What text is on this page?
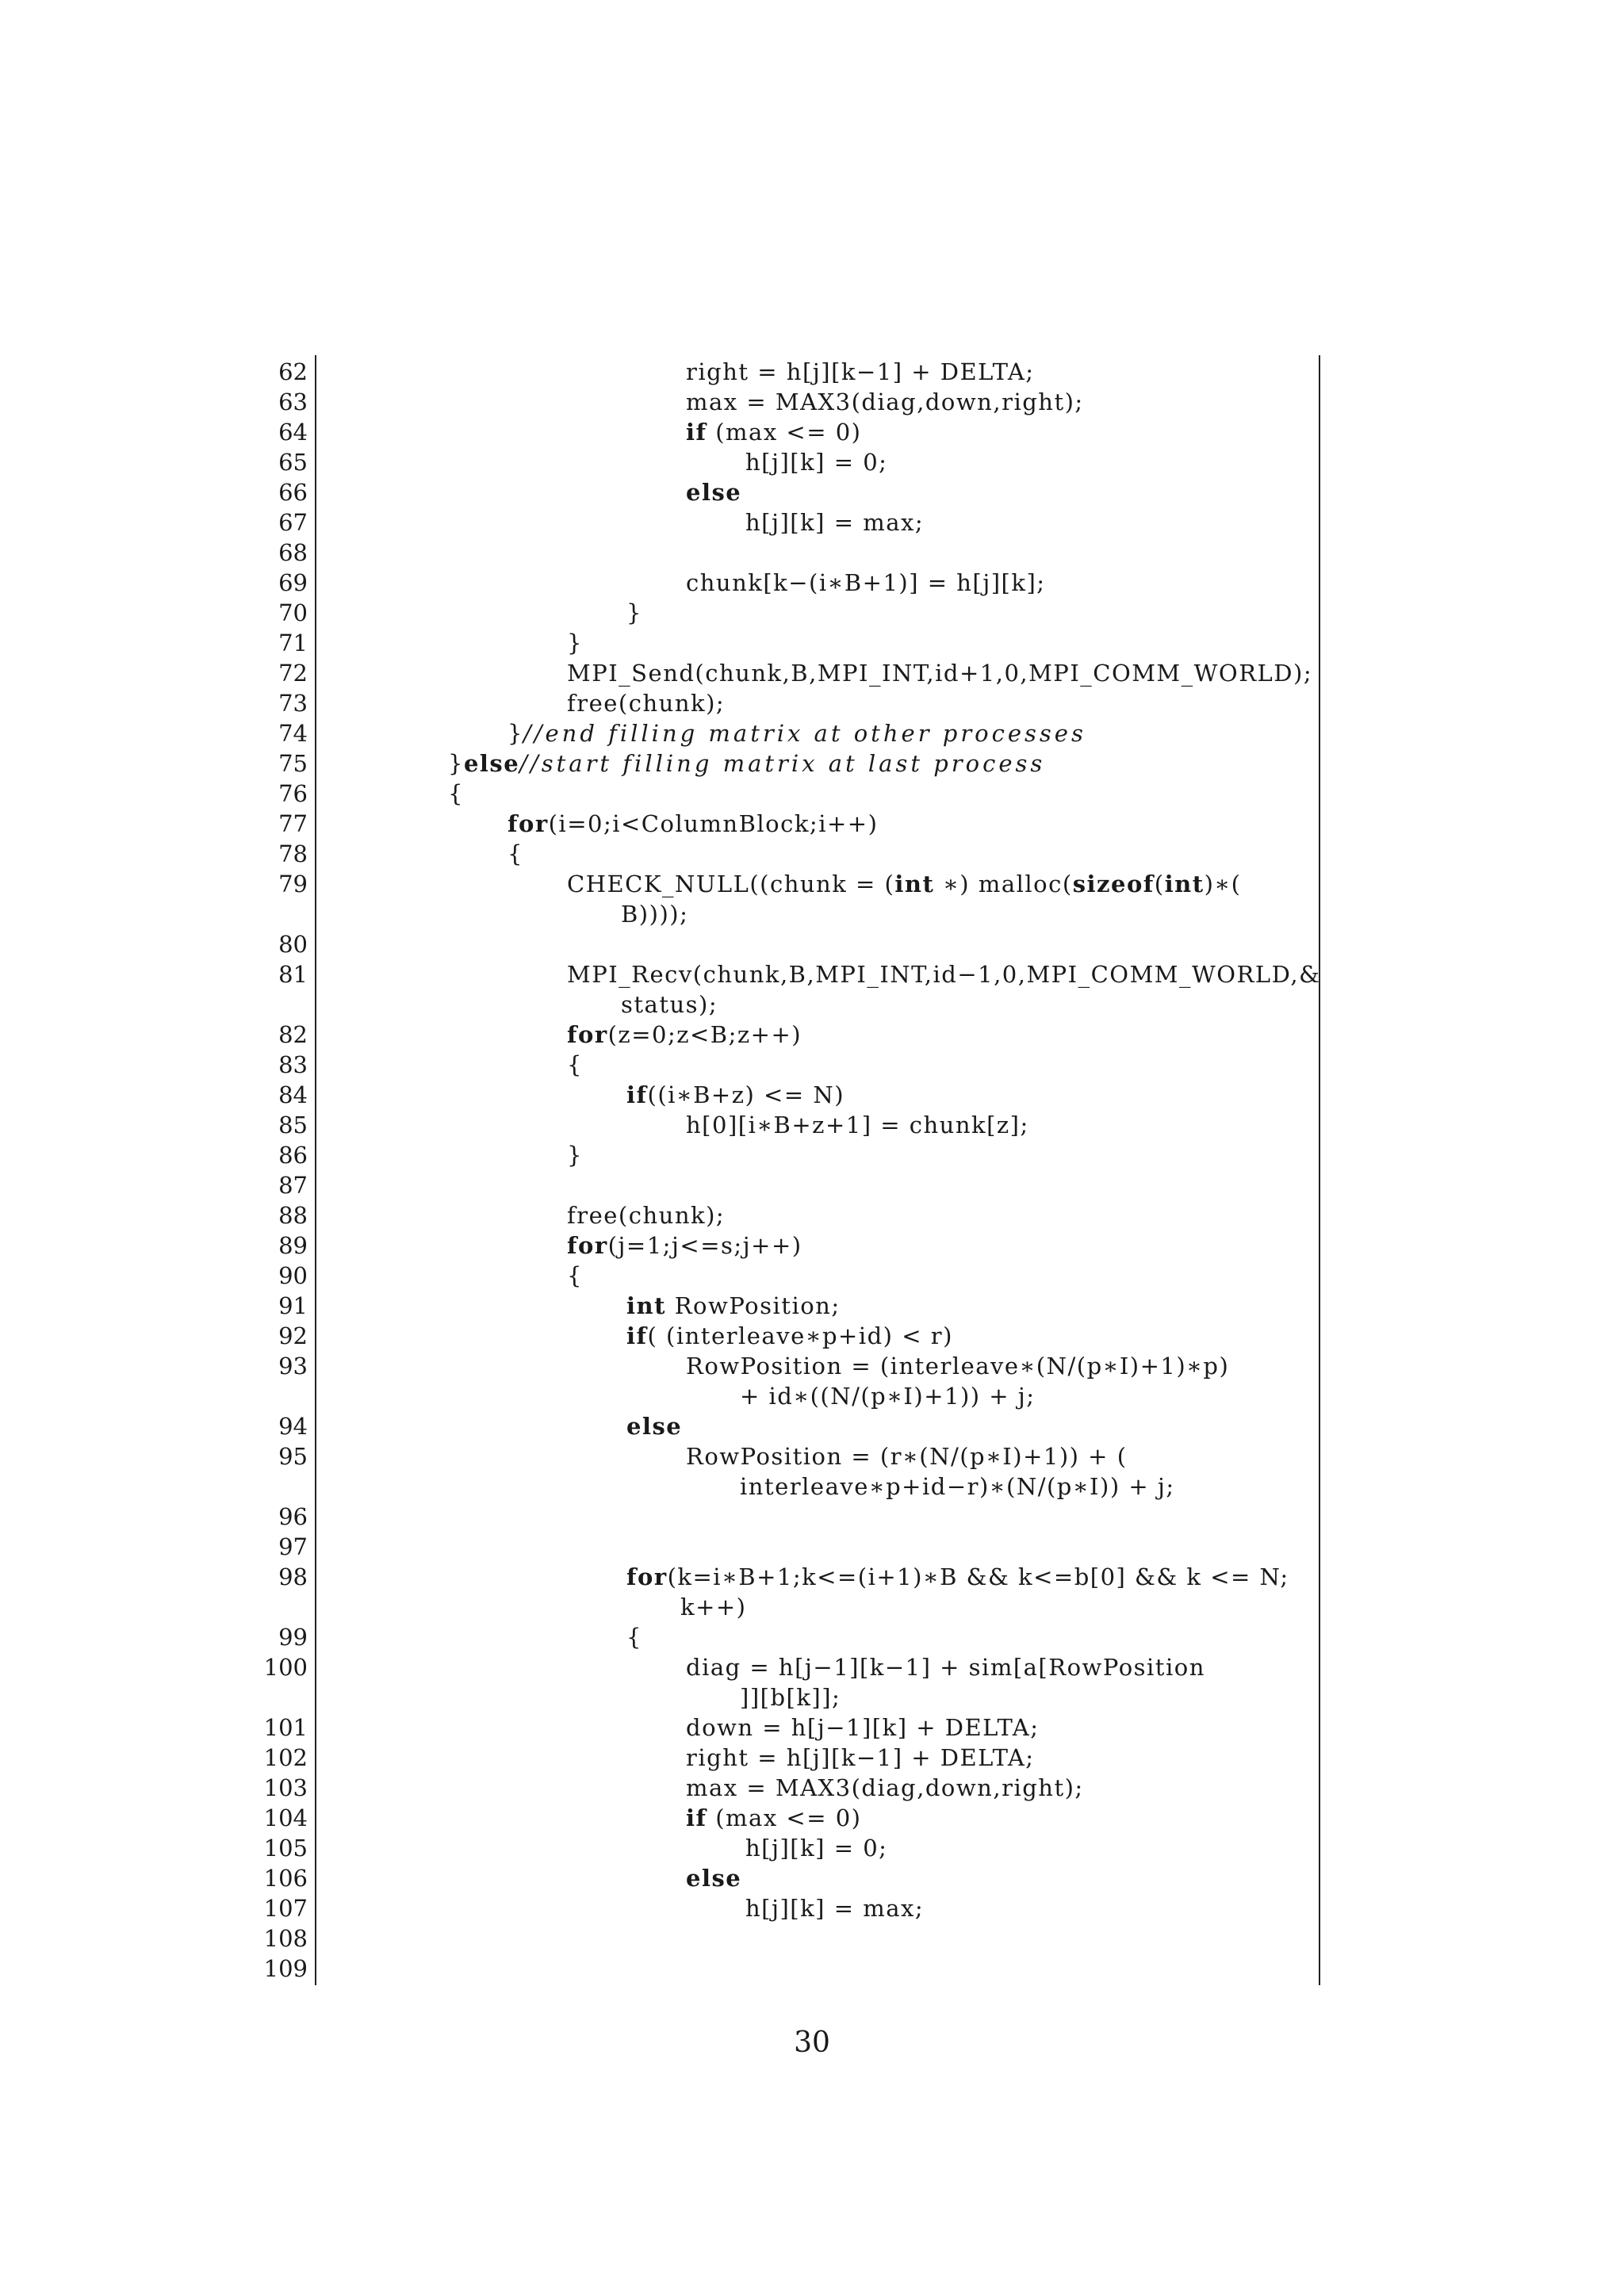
62	right = h[j][k−1] + DELTA;
63	max = MAX3(diag,down,right);
64	if (max <= 0)
65	h[j][k] = 0;
66	else
67	h[j][k] = max;
68
69	chunk[k−(i∗B+1)] = h[j][k];
70	}
71	}
72	MPI_Send(chunk,B,MPI_INT,id+1,0,MPI_COMM_WORLD);
73	free(chunk);
74	}//end filling matrix at other processes
75	}else//start filling matrix at last process
76	{
77	for(i=0;i<ColumnBlock;i++)
78	{
79	CHECK_NULL((chunk = (int ∗) malloc(sizeof(int)∗(
B))));
80
81	MPI_Recv(chunk,B,MPI_INT,id−1,0,MPI_COMM_WORLD,&
status);
82	for(z=0;z<B;z++)
83	{
84	if((i∗B+z) <= N)
85	h[0][i∗B+z+1] = chunk[z];
86	}
87
88	free(chunk);
89	for(j=1;j<=s;j++)
90	{
91	int RowPosition;
92	if( (interleave∗p+id) < r)
93	RowPosition = (interleave∗(N/(p∗I)+1)∗p)
+ id∗((N/(p∗I)+1)) + j;
94	else
95	RowPosition = (r∗(N/(p∗I)+1)) + (
interleave∗p+id−r)∗(N/(p∗I)) + j;
96
97
98	for(k=i∗B+1;k<=(i+1)∗B && k<=b[0] && k <= N;
k++)
99	{
100	diag = h[j−1][k−1] + sim[a[RowPosition
]][b[k]];
101	down = h[j−1][k] + DELTA;
102	right = h[j][k−1] + DELTA;
103	max = MAX3(diag,down,right);
104	if (max <= 0)
105	h[j][k] = 0;
106	else
107	h[j][k] = max;
108
109
30
